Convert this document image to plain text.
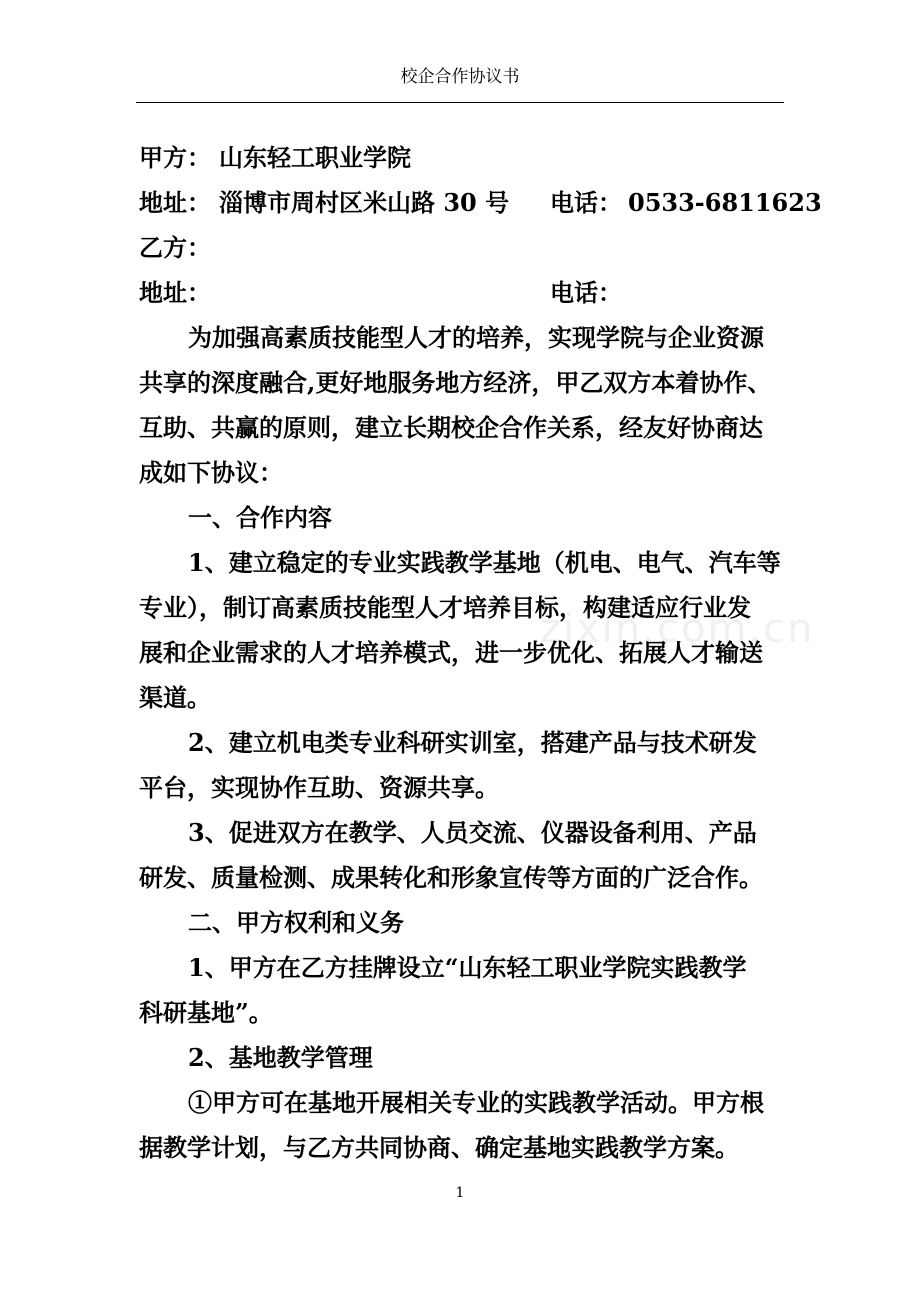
校企合作协议书
甲方： 山东轻工职业学院
地址： 淄博市周村区米山路 30 号 电话： 0533-6811623
乙方：
地址：	电话：
为加强高素质技能型人才的培养，实现学院与企业资源
共享的深度融合,更好地服务地方经济，甲乙双方本着协作、
互助、共赢的原则，建立长期校企合作关系，经友好协商达
成如下协议：
一、合作内容
1、建立稳定的专业实践教学基地（机电、电气、汽车等
专业），制订高素质技能型人才培养目标，构建适应行业发
展和企业需求的人才培养模式，进一步优化、拓展人才输送
渠道。
2、建立机电类专业科研实训室，搭建产品与技术研发
平台，实现协作互助、资源共享。
3、促进双方在教学、人员交流、仪器设备利用、产品
研发、质量检测、成果转化和形象宣传等方面的广泛合作。
二、甲方权利和义务
1、甲方在乙方挂牌设立“山东轻工职业学院实践教学
科研基地”。
2、基地教学管理
①甲方可在基地开展相关专业的实践教学活动。甲方根
据教学计划，与乙方共同协商、确定基地实践教学方案。
zixin.com.cn
1
